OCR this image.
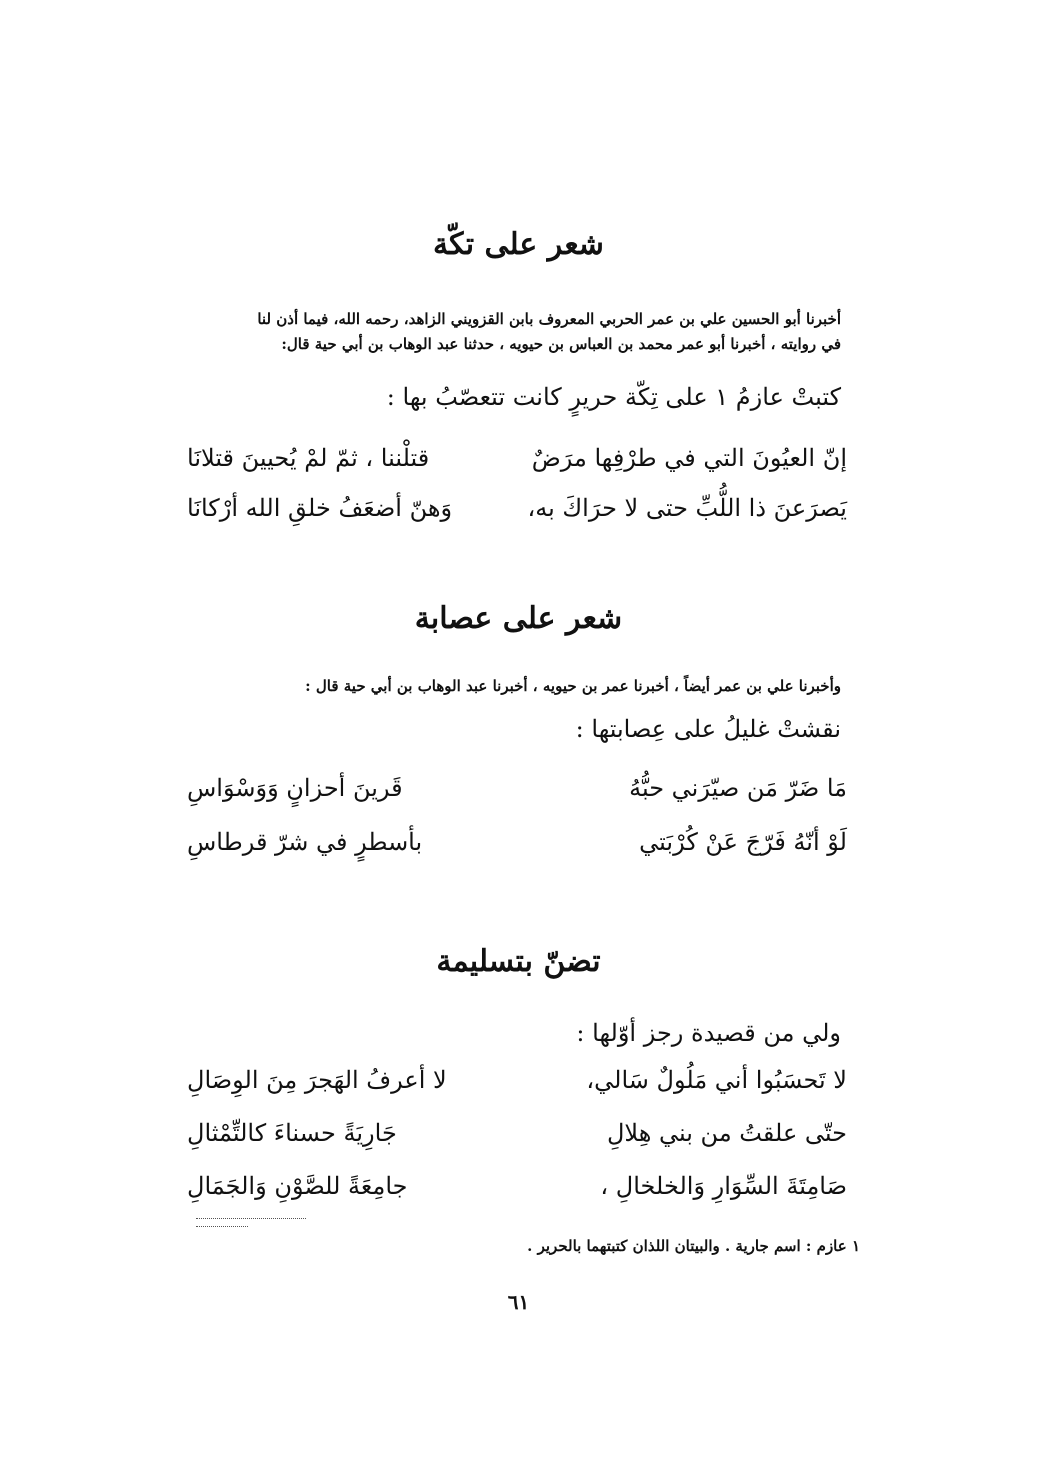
شعر على تكّة
أخبرنا أبو الحسين علي بن عمر الحربي المعروف بابن القزويني الزاهد، رحمه الله، فيما أذن لنا
في روايته ، أخبرنا أبو عمر محمد بن العباس بن حيويه ، حدثنا عبد الوهاب بن أبي حية قال:
كتبتْ عازمُ ١ على تِكّة حريرٍ كانت تتعصّبُ بها :
إنّ العيُونَ التي في طرْفِها مرَضٌ
قتلْننا ، ثمّ لمْ يُحيينَ قتلانَا
يَصرَعنَ ذا اللُّبِّ حتى لا حرَاكَ به،
وَهنّ أضعَفُ خلقِ الله أرْكانَا
شعر على عصابة
وأخبرنا علي بن عمر أيضاً ، أخبرنا عمر بن حيويه ، أخبرنا عبد الوهاب بن أبي حية قال :
نقشتْ غليلُ على عِصابتها :
مَا ضَرّ مَن صيّرَني حبُّهُ
قَرينَ أحزانٍ وَوَسْوَاسِ
لَوْ أنّهُ فَرّجَ عَنْ كُرْبَتي
بأسطرٍ في شرّ قرطاسِ
تضنّ بتسليمة
ولي من قصيدة رجز أوّلها :
لا تَحسَبُوا أني مَلُولٌ سَالي،
لا أعرفُ الهَجرَ مِنَ الوِصَالِ
حتّى علقتُ من بني هِلالِ
جَارِيَةً حسناءَ كالتِّمْثالِ
صَامِتَةَ السِّوَارِ وَالخلخالِ ،
جامِعَةً للصَّوْنِ وَالجَمَالِ
١ عازم : اسم جارية . والبيتان اللذان كتبتهما بالحرير .
٦١
